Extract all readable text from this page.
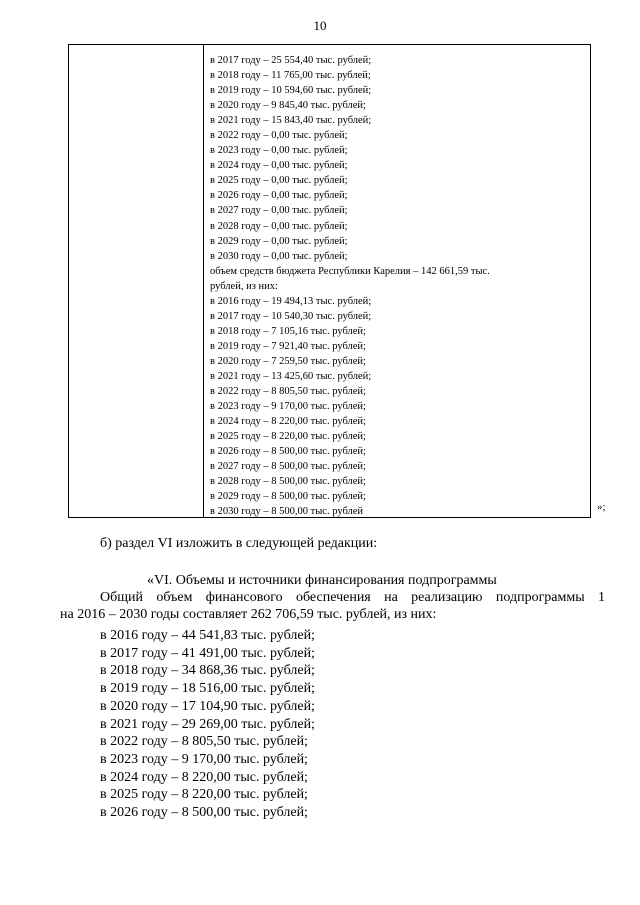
10
в 2017 году – 25 554,40 тыс. рублей;
в 2018 году – 11 765,00 тыс. рублей;
в 2019 году – 10 594,60 тыс. рублей;
в 2020 году – 9 845,40 тыс. рублей;
в 2021 году – 15 843,40 тыс. рублей;
в 2022 году – 0,00 тыс. рублей;
в 2023 году – 0,00 тыс. рублей;
в 2024 году – 0,00 тыс. рублей;
в 2025 году – 0,00 тыс. рублей;
в 2026 году – 0,00 тыс. рублей;
в 2027 году – 0,00 тыс. рублей;
в 2028 году – 0,00 тыс. рублей;
в 2029 году – 0,00 тыс. рублей;
в 2030 году – 0,00 тыс. рублей;
объем средств бюджета Республики Карелия – 142 661,59 тыс.
рублей, из них:
в 2016 году – 19 494,13 тыс. рублей;
в 2017 году – 10 540,30 тыс. рублей;
в 2018 году – 7 105,16 тыс. рублей;
в 2019 году – 7 921,40 тыс. рублей;
в 2020 году – 7 259,50 тыс. рублей;
в 2021 году – 13 425,60 тыс. рублей;
в 2022 году – 8 805,50 тыс. рублей;
в 2023 году – 9 170,00 тыс. рублей;
в 2024 году – 8 220,00 тыс. рублей;
в 2025 году – 8 220,00 тыс. рублей;
в 2026 году – 8 500,00 тыс. рублей;
в 2027 году – 8 500,00 тыс. рублей;
в 2028 году – 8 500,00 тыс. рублей;
в 2029 году – 8 500,00 тыс. рублей;
в 2030 году – 8 500,00 тыс. рублей	»;
б) раздел VI изложить в следующей редакции:
«VI. Объемы и источники финансирования подпрограммы
Общий объем финансового обеспечения на реализацию подпрограммы 1
на 2016 – 2030 годы составляет 262 706,59 тыс. рублей, из них:
в 2016 году – 44 541,83 тыс. рублей;
в 2017 году – 41 491,00 тыс. рублей;
в 2018 году – 34 868,36 тыс. рублей;
в 2019 году – 18 516,00 тыс. рублей;
в 2020 году – 17 104,90 тыс. рублей;
в 2021 году – 29 269,00 тыс. рублей;
в 2022 году – 8 805,50 тыс. рублей;
в 2023 году – 9 170,00 тыс. рублей;
в 2024 году – 8 220,00 тыс. рублей;
в 2025 году – 8 220,00 тыс. рублей;
в 2026 году – 8 500,00 тыс. рублей;
